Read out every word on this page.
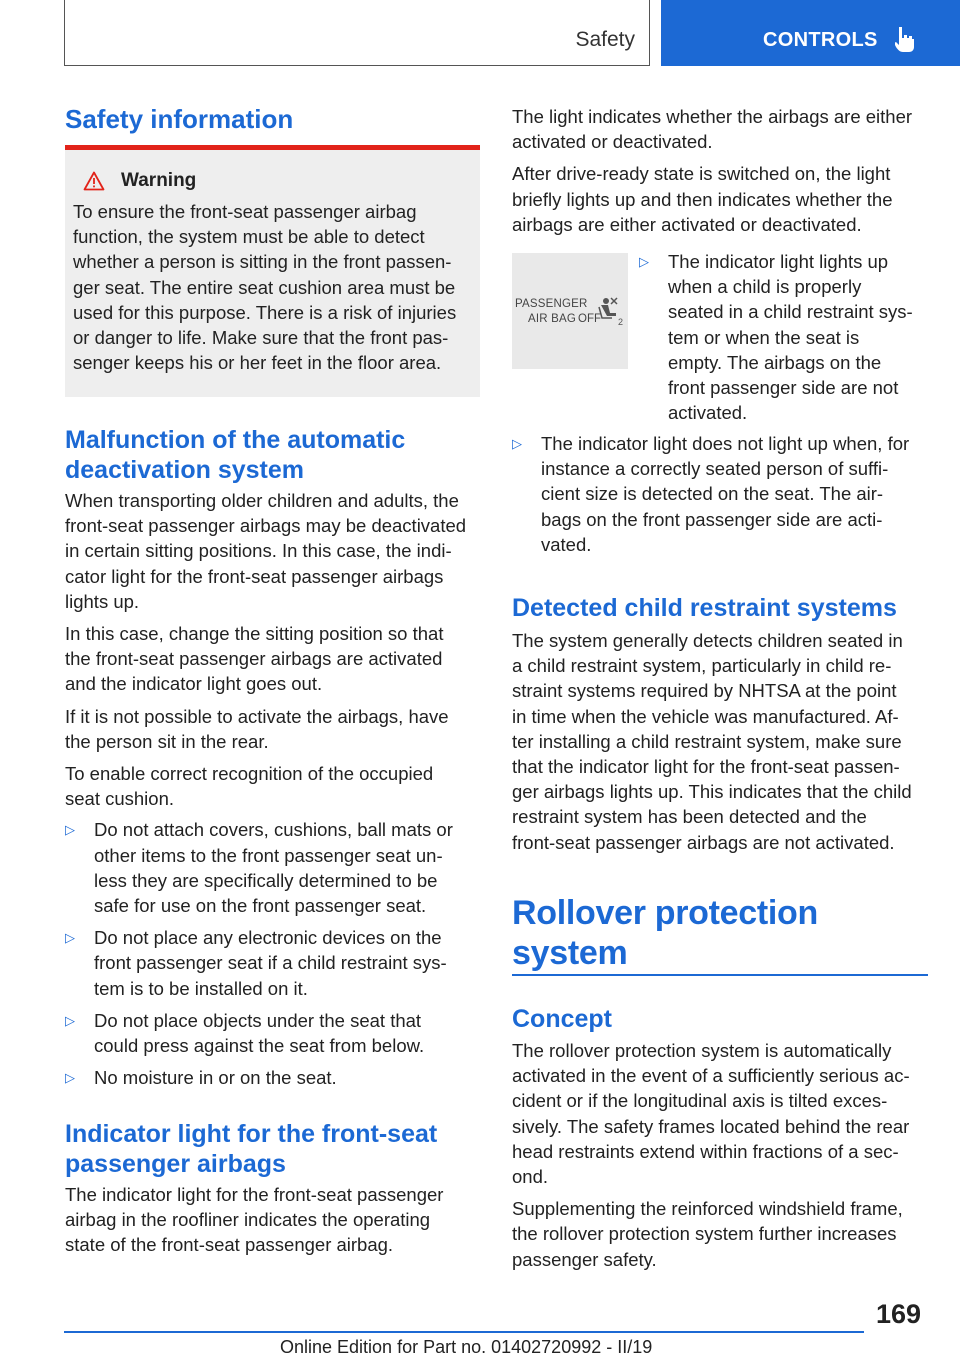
Safety	CONTROLS
Safety information
Warning
To ensure the front-seat passenger airbag
function, the system must be able to detect
whether a person is sitting in the front passen-
ger seat. The entire seat cushion area must be
used for this purpose. There is a risk of injuries
or danger to life. Make sure that the front pas-
senger keeps his or her feet in the floor area.
Malfunction of the automatic
deactivation system
When transporting older children and adults, the
front-seat passenger airbags may be deactivated
in certain sitting positions. In this case, the indi-
cator light for the front-seat passenger airbags
lights up.
In this case, change the sitting position so that
the front-seat passenger airbags are activated
and the indicator light goes out.
If it is not possible to activate the airbags, have
the person sit in the rear.
To enable correct recognition of the occupied
seat cushion.
▷	Do not attach covers, cushions, ball mats or
other items to the front passenger seat un-
less they are specifically determined to be
safe for use on the front passenger seat.
▷	Do not place any electronic devices on the
front passenger seat if a child restraint sys-
tem is to be installed on it.
▷	Do not place objects under the seat that
could press against the seat from below.
▷	No moisture in or on the seat.
Indicator light for the front‑seat
passenger airbags
The indicator light for the front-seat passenger
airbag in the roofliner indicates the operating
state of the front-seat passenger airbag.
The light indicates whether the airbags are either
activated or deactivated.
After drive-ready state is switched on, the light
briefly lights up and then indicates whether the
airbags are either activated or deactivated.
PASSENGER
AIR BAG OFF 2
▷	The indicator light lights up
when a child is properly
seated in a child restraint sys-
tem or when the seat is
empty. The airbags on the
front passenger side are not
activated.
▷	The indicator light does not light up when, for
instance a correctly seated person of suffi-
cient size is detected on the seat. The air-
bags on the front passenger side are acti-
vated.
Detected child restraint systems
The system generally detects children seated in
a child restraint system, particularly in child re-
straint systems required by NHTSA at the point
in time when the vehicle was manufactured. Af-
ter installing a child restraint system, make sure
that the indicator light for the front-seat passen-
ger airbags lights up. This indicates that the child
restraint system has been detected and the
front-seat passenger airbags are not activated.
Rollover protection system
Concept
The rollover protection system is automatically
activated in the event of a sufficiently serious ac-
cident or if the longitudinal axis is tilted exces-
sively. The safety frames located behind the rear
head restraints extend within fractions of a sec-
ond.
Supplementing the reinforced windshield frame,
the rollover protection system further increases
passenger safety.
169
Online Edition for Part no. 01402720992 - II/19
